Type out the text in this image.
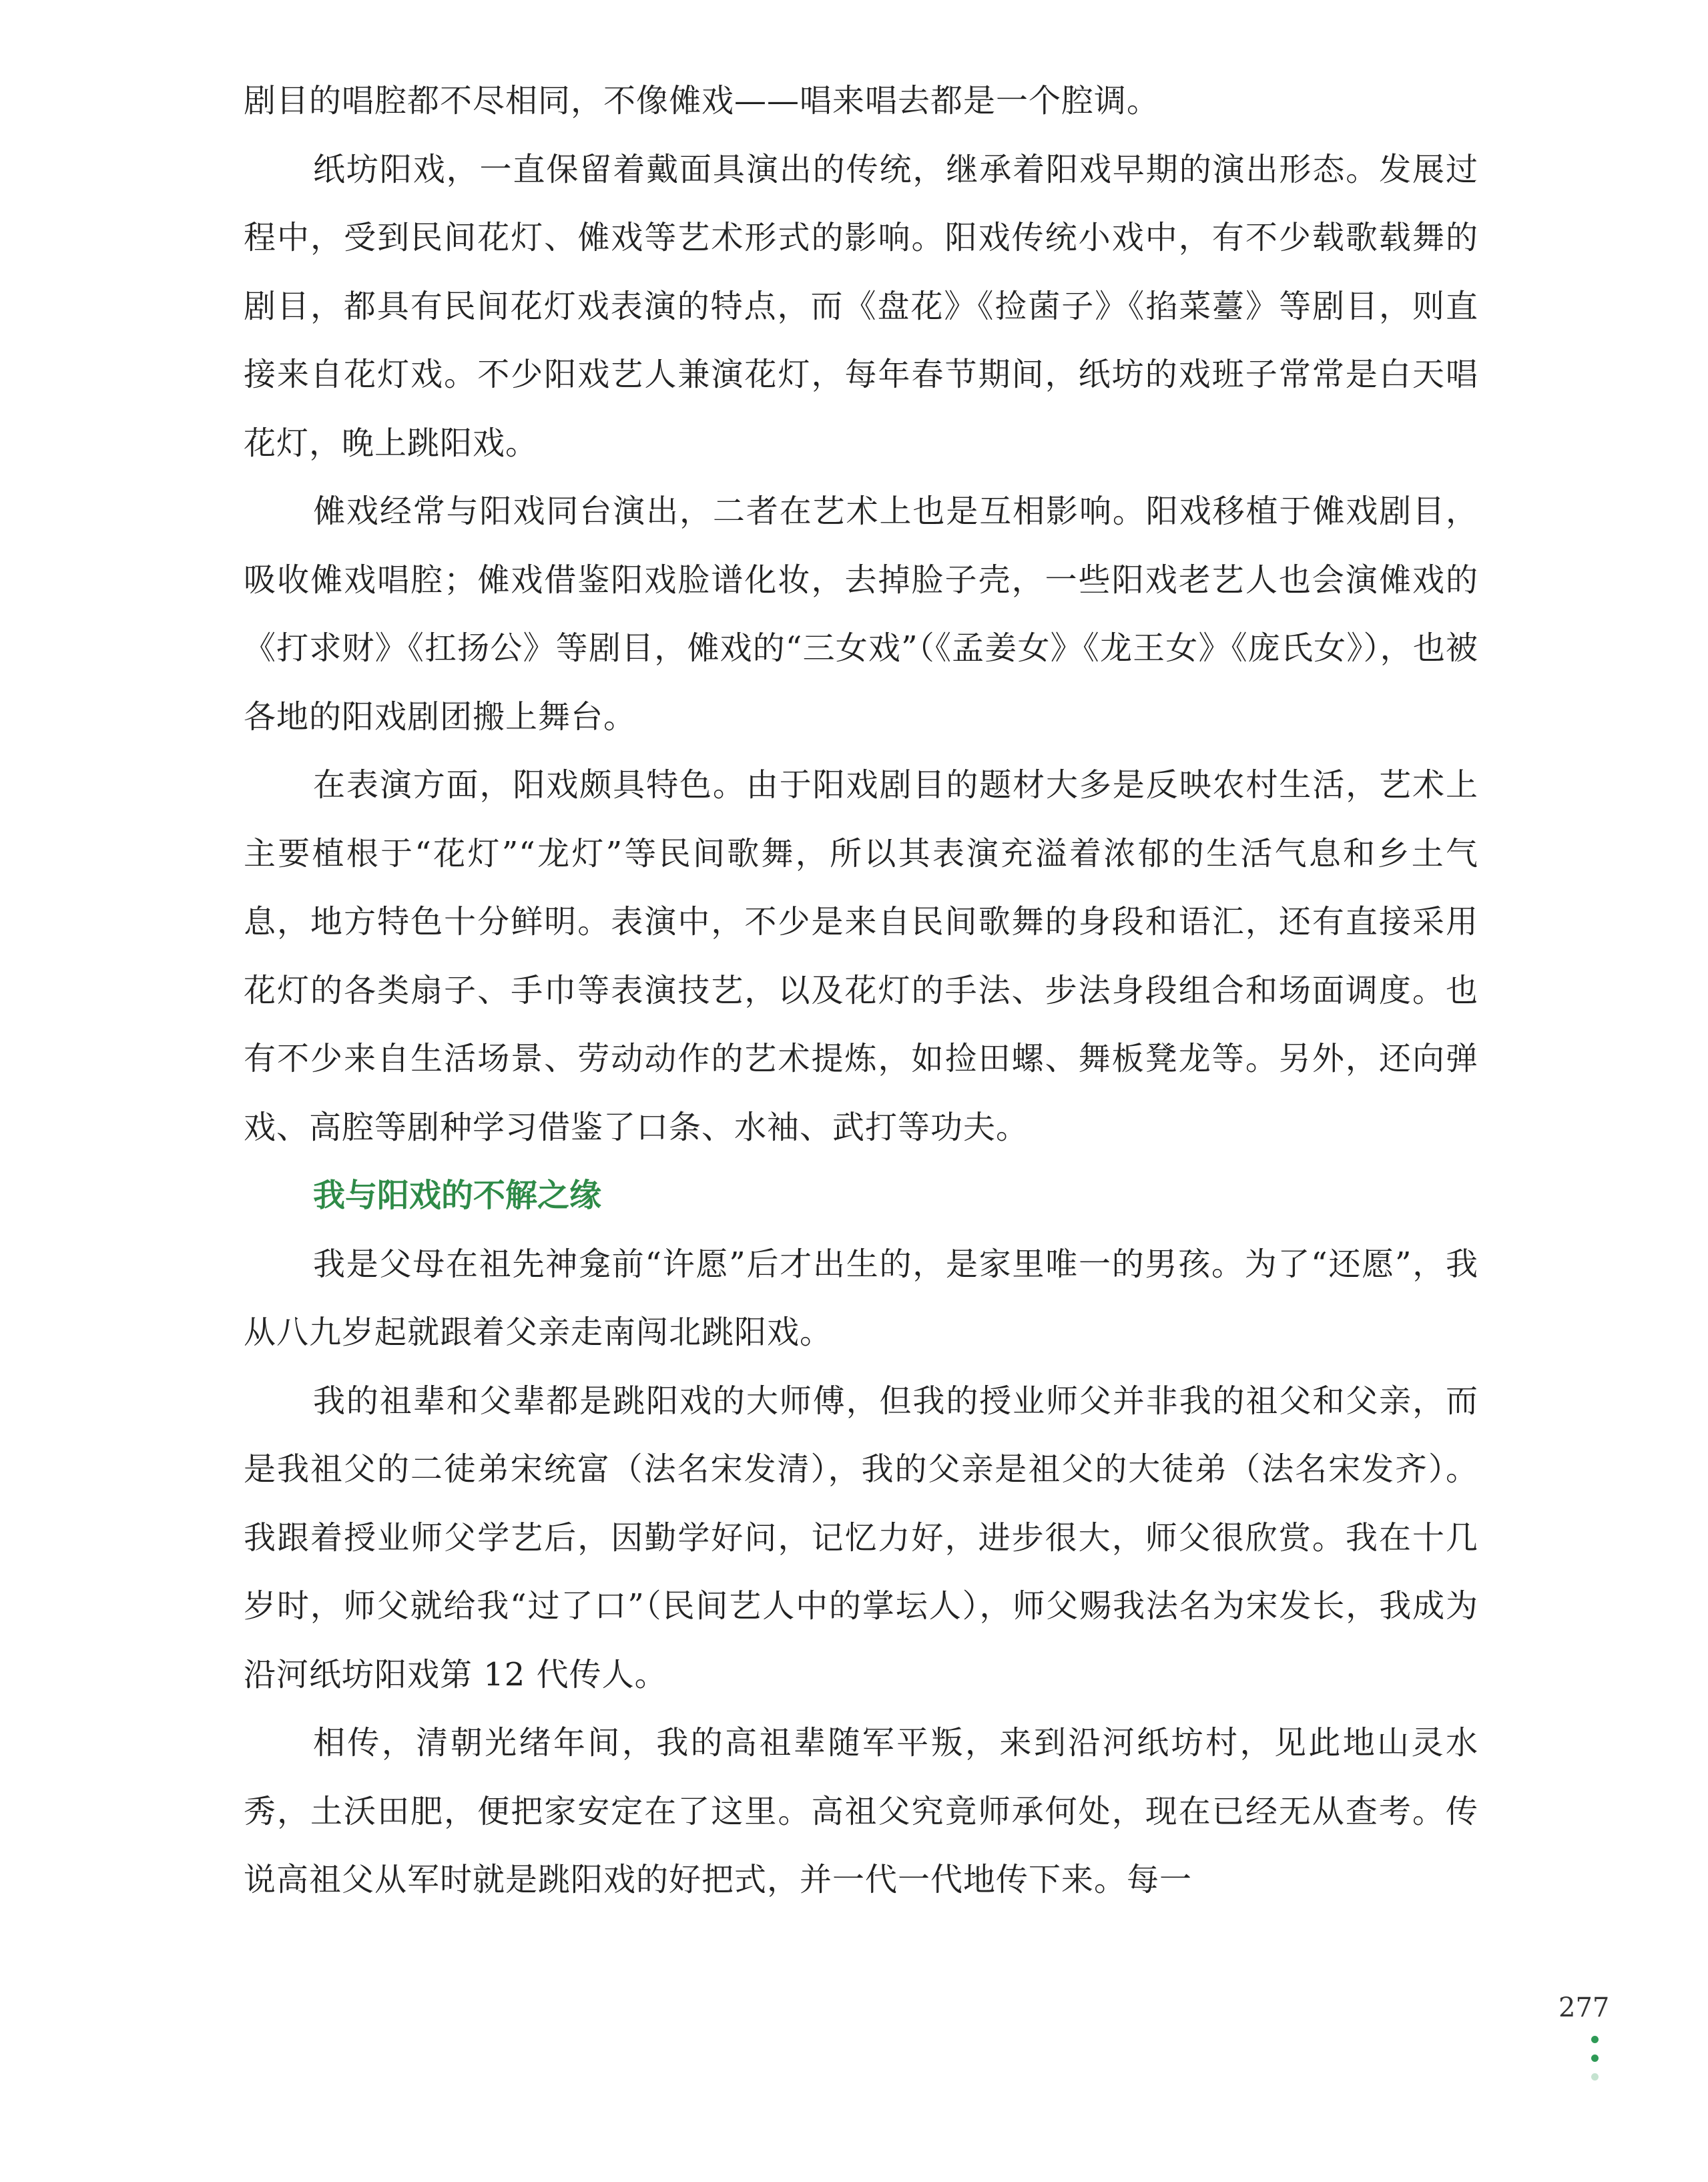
剧目的唱腔都不尽相同，不像傩戏——唱来唱去都是一个腔调。

纸坊阳戏，一直保留着戴面具演出的传统，继承着阳戏早期的演出形态。发展过程中，受到民间花灯、傩戏等艺术形式的影响。阳戏传统小戏中，有不少载歌载舞的剧目，都具有民间花灯戏表演的特点，而《盘花》《捡菌子》《掐菜薹》等剧目，则直接来自花灯戏。不少阳戏艺人兼演花灯，每年春节期间，纸坊的戏班子常常是白天唱花灯，晚上跳阳戏。

傩戏经常与阳戏同台演出，二者在艺术上也是互相影响。阳戏移植于傩戏剧目，吸收傩戏唱腔；傩戏借鉴阳戏脸谱化妆，去掉脸子壳，一些阳戏老艺人也会演傩戏的《打求财》《扛扬公》等剧目，傩戏的“三女戏”（《孟姜女》《龙王女》《庞氏女》），也被各地的阳戏剧团搬上舞台。

在表演方面，阳戏颇具特色。由于阳戏剧目的题材大多是反映农村生活，艺术上主要植根于“花灯”“龙灯”等民间歌舞，所以其表演充溢着浓郁的生活气息和乡土气息，地方特色十分鲜明。表演中，不少是来自民间歌舞的身段和语汇，还有直接采用花灯的各类扇子、手巾等表演技艺，以及花灯的手法、步法身段组合和场面调度。也有不少来自生活场景、劳动动作的艺术提炼，如捡田螺、舞板凳龙等。另外，还向弹戏、高腔等剧种学习借鉴了口条、水袖、武打等功夫。

我与阳戏的不解之缘

我是父母在祖先神龛前“许愿”后才出生的，是家里唯一的男孩。为了“还愿”，我从八九岁起就跟着父亲走南闯北跳阳戏。

我的祖辈和父辈都是跳阳戏的大师傅，但我的授业师父并非我的祖父和父亲，而是我祖父的二徒弟宋统富（法名宋发清），我的父亲是祖父的大徒弟（法名宋发齐）。我跟着授业师父学艺后，因勤学好问，记忆力好，进步很大，师父很欣赏。我在十几岁时，师父就给我“过了口”（民间艺人中的掌坛人），师父赐我法名为宋发长，我成为沿河纸坊阳戏第 12 代传人。

相传，清朝光绪年间，我的高祖辈随军平叛，来到沿河纸坊村，见此地山灵水秀，土沃田肥，便把家安定在了这里。高祖父究竟师承何处，现在已经无从查考。传说高祖父从军时就是跳阳戏的好把式，并一代一代地传下来。每一

277
